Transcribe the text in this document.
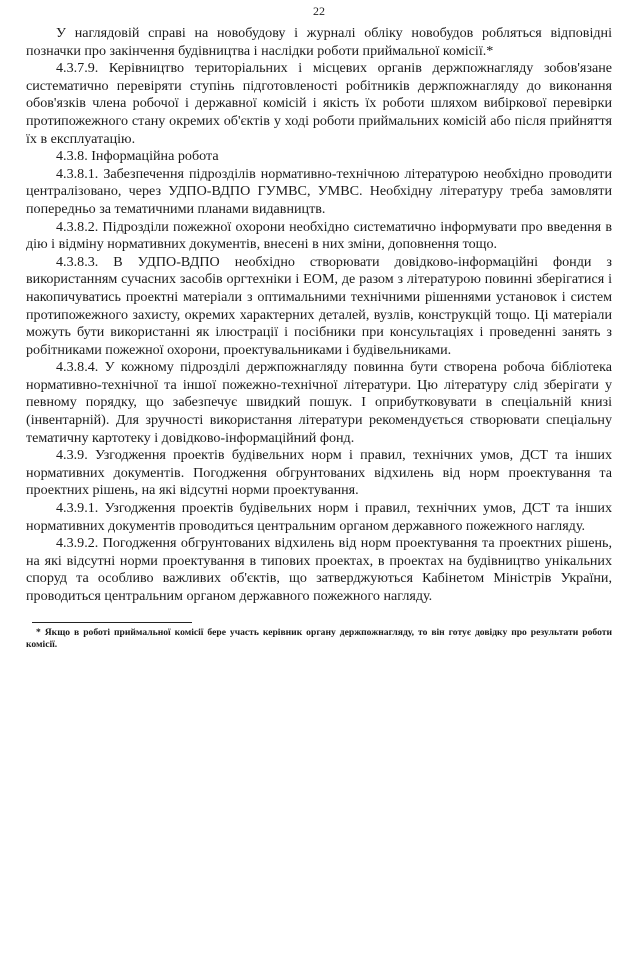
22

У наглядовій справі на новобудову і журналі обліку новобудов робляться відповідні позначки про закінчення будівництва і наслідки роботи приймальної комісії.*

4.3.7.9. Керівництво територіальних і місцевих органів держпожнагляду зобов'язане систематично перевіряти ступінь підготовленості робітників держпожнагляду до виконання обов'язків члена робочої і державної комісій і якість їх роботи шляхом вибіркової перевірки протипожежного стану окремих об'єктів у ході роботи приймальних комісій або після прийняття їх в експлуатацію.

4.3.8. Інформаційна робота

4.3.8.1. Забезпечення підрозділів нормативно-технічною літературою необхідно проводити централізовано, через УДПО-ВДПО ГУМВС, УМВС. Необхідну літературу треба замовляти попередньо за тематичними планами видавництв.

4.3.8.2. Підрозділи пожежної охорони необхідно систематично інформувати про введення в дію і відміну нормативних документів, внесені в них зміни, доповнення тощо.

4.3.8.3. В УДПО-ВДПО необхідно створювати довідково-інформаційні фонди з використанням сучасних засобів оргтехніки і ЕОМ, де разом з літературою повинні зберігатися і накопичуватись проектні матеріали з оптимальними технічними рішеннями установок і систем протипожежного захисту, окремих характерних деталей, вузлів, конструкцій тощо. Ці матеріали можуть бути використанні як ілюстрації і посібники при консультаціях і проведенні занять з робітниками пожежної охорони, проектувальниками і будівельниками.

4.3.8.4. У кожному підрозділі держпожнагляду повинна бути створена робоча бібліотека нормативно-технічної та іншої пожежно-технічної літератури. Цю літературу слід зберігати у певному порядку, що забезпечує швидкий пошук. І оприбутковувати в спеціальній книзі (інвентарній). Для зручності використання літератури рекомендується створювати спеціальну тематичну картотеку і довідково-інформаційний фонд.

4.3.9. Узгодження проектів будівельних норм і правил, технічних умов, ДСТ та інших нормативних документів. Погодження обгрунтованих відхилень від норм проектування та проектних рішень, на які відсутні норми проектування.

4.3.9.1. Узгодження проектів будівельних норм і правил, технічних умов, ДСТ та інших нормативних документів проводиться центральним органом державного пожежного нагляду.

4.3.9.2. Погодження обгрунтованих відхилень від норм проектування та проектних рішень, на які відсутні норми проектування в типових проектах, в проектах на будівництво унікальних споруд та особливо важливих об'єктів, що затверджуються Кабінетом Міністрів України, проводиться центральним органом державного пожежного нагляду.

* Якщо в роботі приймальної комісії бере участь керівник органу держпожнагляду, то він готує довідку про результати роботи комісії.
